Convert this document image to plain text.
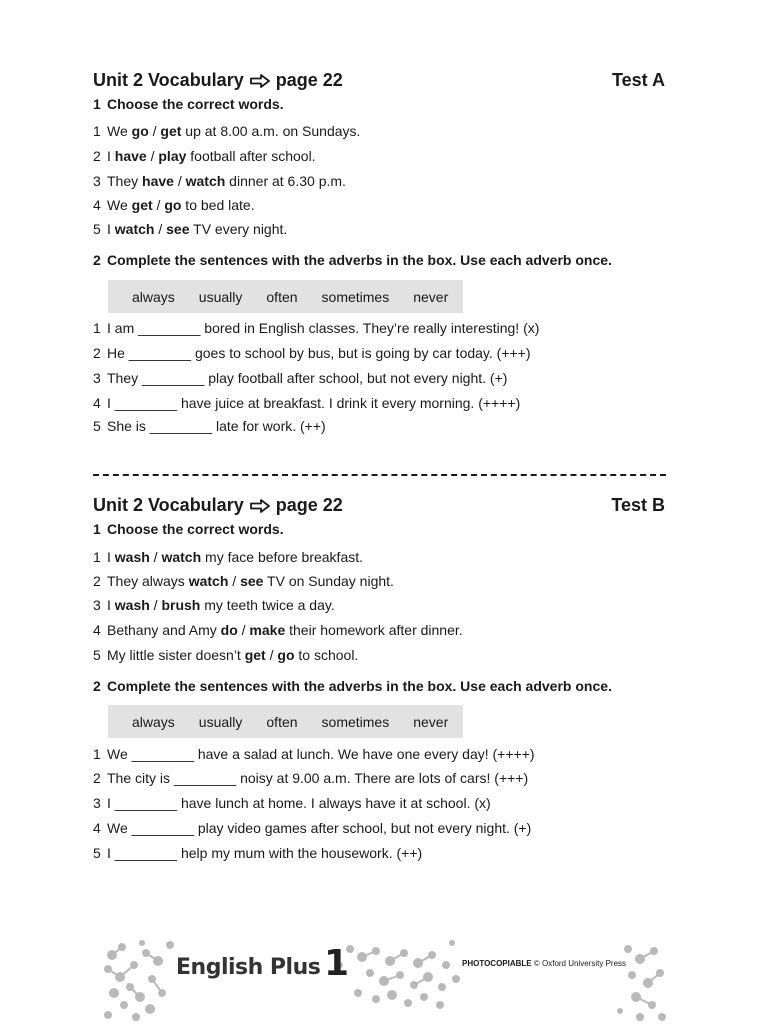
Unit 2 Vocabulary page 22	Test A
1 Choose the correct words.
1 We go / get up at 8.00 a.m. on Sundays.
2 I have / play football after school.
3 They have / watch dinner at 6.30 p.m.
4 We get / go to bed late.
5 I watch / see TV every night.
2 Complete the sentences with the adverbs in the box. Use each adverb once.
always usually often sometimes never
1 I am ________ bored in English classes. They’re really interesting! (x)
2 He ________ goes to school by bus, but is going by car today. (+++)
3 They ________ play football after school, but not every night. (+)
4 I ________ have juice at breakfast. I drink it every morning. (++++)
5 She is ________ late for work. (++)
Unit 2 Vocabulary page 22	Test B
1 Choose the correct words.
1 I wash / watch my face before breakfast.
2 They always watch / see TV on Sunday night.
3 I wash / brush my teeth twice a day.
4 Bethany and Amy do / make their homework after dinner.
5 My little sister doesn’t get / go to school.
2 Complete the sentences with the adverbs in the box. Use each adverb once.
always usually often sometimes never
1 We ________ have a salad at lunch. We have one every day! (++++)
2 The city is ________ noisy at 9.00 a.m. There are lots of cars! (+++)
3 I ________ have lunch at home. I always have it at school. (x)
4 We ________ play video games after school, but not every night. (+)
5 I ________ help my mum with the housework. (++)
English Plus 1	PHOTOCOPIABLE © Oxford University Press
